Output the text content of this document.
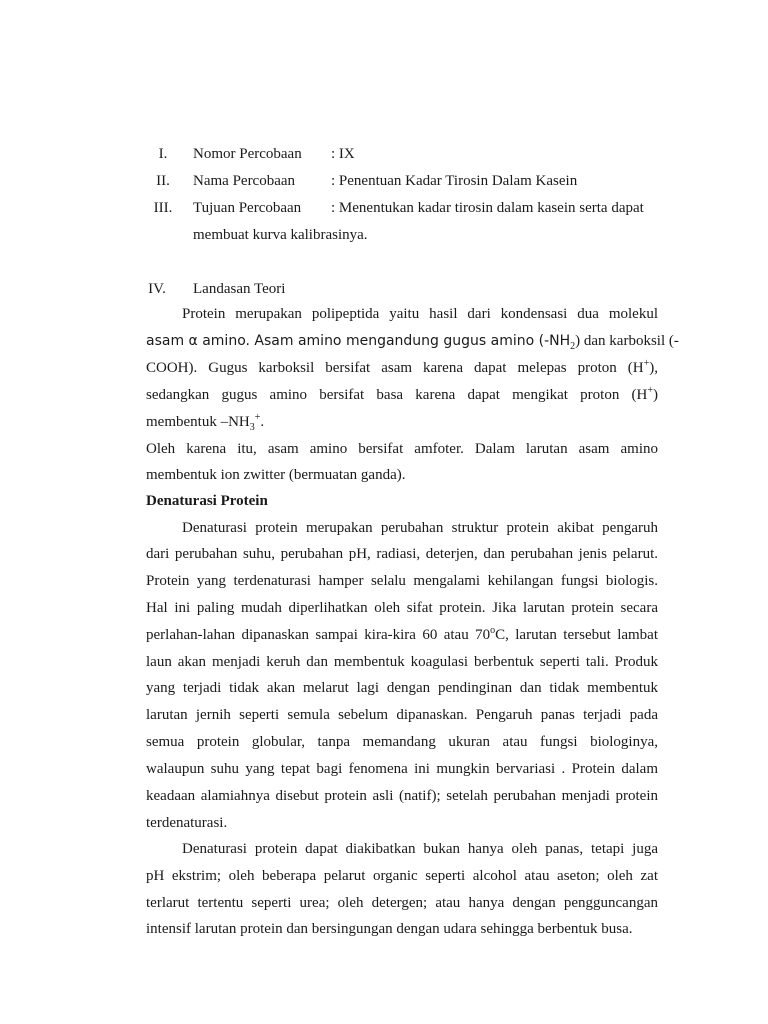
I.	Nomor Percobaan : IX
II.	Nama Percobaan : Penentuan Kadar Tirosin Dalam Kasein
III.	Tujuan Percobaan : Menentukan kadar tirosin dalam kasein serta dapat
membuat kurva kalibrasinya.
IV.	Landasan Teori
Protein merupakan polipeptida yaitu hasil dari kondensasi dua molekul
asam α amino. Asam amino mengandung gugus amino $(-NH_2)$ dan karboksil (-
COOH). Gugus karboksil bersifat asam karena dapat melepas proton (H+),
sedangkan gugus amino bersifat basa karena dapat mengikat proton (H+)
membentuk $-NH_3^+$.
Oleh karena itu, asam amino bersifat amfoter. Dalam larutan asam amino
membentuk ion zwitter (bermuatan ganda).
Denaturasi Protein
Denaturasi protein merupakan perubahan struktur protein akibat pengaruh
dari perubahan suhu, perubahan pH, radiasi, deterjen, dan perubahan jenis pelarut.
Protein yang terdenaturasi hamper selalu mengalami kehilangan fungsi biologis.
Hal ini paling mudah diperlihatkan oleh sifat protein. Jika larutan protein secara
perlahan-lahan dipanaskan sampai kira-kira 60 atau 70$^o$C, larutan tersebut lambat
laun akan menjadi keruh dan membentuk koagulasi berbentuk seperti tali. Produk
yang terjadi tidak akan melarut lagi dengan pendinginan dan tidak membentuk
larutan jernih seperti semula sebelum dipanaskan. Pengaruh panas terjadi pada
semua protein globular, tanpa memandang ukuran atau fungsi biologinya,
walaupun suhu yang tepat bagi fenomena ini mungkin bervariasi . Protein dalam
keadaan alamiahnya disebut protein asli (natif); setelah perubahan menjadi protein
terdenaturasi.
Denaturasi protein dapat diakibatkan bukan hanya oleh panas, tetapi juga
pH ekstrim; oleh beberapa pelarut organic seperti alcohol atau aseton; oleh zat
terlarut tertentu seperti urea; oleh detergen; atau hanya dengan pengguncangan
intensif larutan protein dan bersingungan dengan udara sehingga berbentuk busa.
